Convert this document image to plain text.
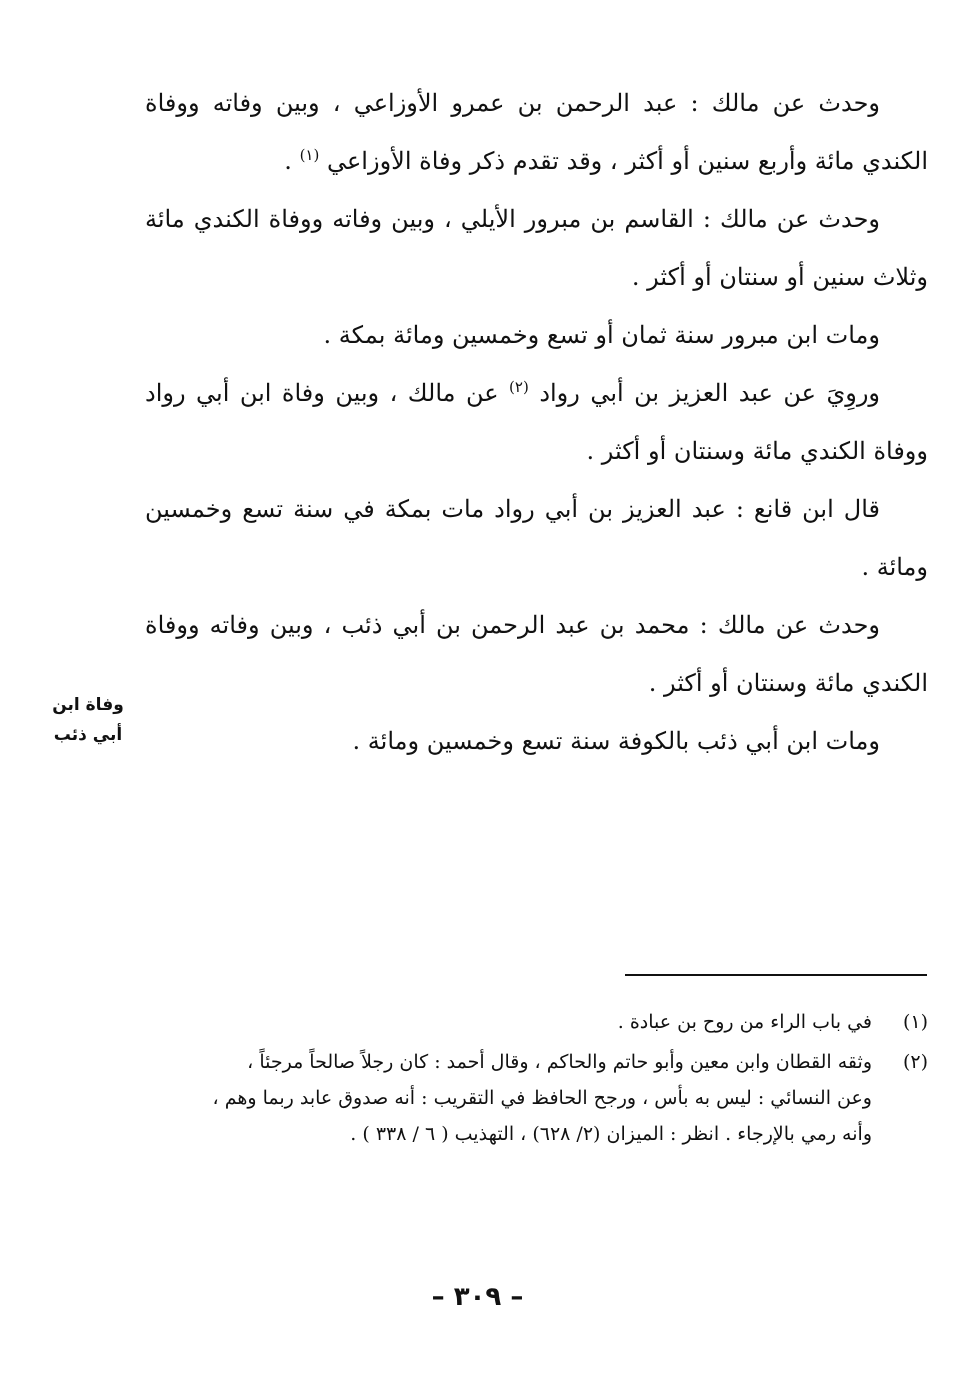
وحدث عن مالك : عبد الرحمن بن عمرو الأوزاعي ، وبين وفاته ووفاة الكندي مائة وأربع سنين أو أكثر ، وقد تقدم ذكر وفاة الأوزاعي $^{(١)}$ .

وحدث عن مالك : القاسم بن مبرور الأيلي ، وبين وفاته ووفاة الكندي مائة وثلاث سنين أو سنتان أو أكثر .

ومات ابن مبرور سنة ثمان أو تسع وخمسين ومائة بمكة .

وروِيَ عن عبد العزيز بن أبي رواد $^{(٢)}$ عن مالك ، وبين وفاة ابن أبي رواد ووفاة الكندي مائة وسنتان أو أكثر .

قال ابن قانع : عبد العزيز بن أبي رواد مات بمكة في سنة تسع وخمسين ومائة .

وحدث عن مالك : محمد بن عبد الرحمن بن أبي ذئب ، وبين وفاته ووفاة الكندي مائة وسنتان أو أكثر .

ومات ابن أبي ذئب بالكوفة سنة تسع وخمسين ومائة .

وفاة ابن
أبي ذئب
(١)
في باب الراء من روح بن عبادة .
(٢)
وثقه القطان وابن معين وأبو حاتم والحاكم ، وقال أحمد : كان رجلاً صالحاً مرجئاً ،
وعن النسائي : ليس به بأس ، ورجح الحافظ في التقريب : أنه صدوق عابد ربما وهم ،
وأنه رمي بالإرجاء . انظر : الميزان (٢/ ٦٢٨) ، التهذيب ( ٦ / ٣٣٨ ) .
– ٣٠٩ –
